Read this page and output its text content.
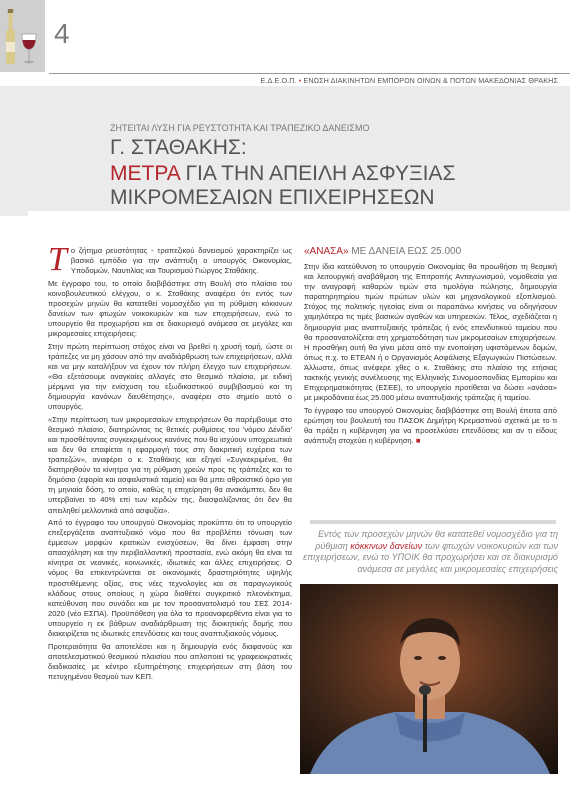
4
Ε.Δ.Ε.Ο.Π. • ΕΝΩΣΗ ΔΙΑΚΙΝΗΤΩΝ ΕΜΠΟΡΩΝ ΟΙΝΩΝ & ΠΟΤΩΝ ΜΑΚΕΔΟΝΙΑΣ ΘΡΑΚΗΣ
ΖΗΤΕΙΤΑΙ ΛΥΣΗ ΓΙΑ ΡΕΥΣΤΟΤΗΤΑ ΚΑΙ ΤΡΑΠΕΖΙΚΟ ΔΑΝΕΙΣΜΟ
Γ. ΣΤΑΘΑΚΗΣ:
ΜΕΤΡΑ ΓΙΑ ΤΗΝ ΑΠΕΙΛΗ ΑΣΦΥΞΙΑΣ
ΜΙΚΡΟΜΕΣΑΙΩΝ ΕΠΙΧΕΙΡΗΣΕΩΝ

Το ζήτημα ρευστότητας - τραπεζικού δανεισμού χαρακτηρίζει ως βασικό εμπόδιο για την ανάπτυξη ο υπουργός Οικονομίας, Υποδομών, Ναυτιλίας και Τουρισμού Γιώργος Σταθάκης.

Με έγγραφο του, το οποίο διαβιβάστηκε στη Βουλή στο πλαίσιο του κοινοβουλευτικού ελέγχου, ο κ. Σταθάκης αναφέρει ότι εντός των προσεχών μηνών θα κατατεθεί νομοσχέδιο για τη ρύθμιση κόκκινων δανείων των φτωχών νοικοκυριών και των επιχειρήσεων, ενώ το υπουργείο θα προχωρήσει και σε διακυρισμό ανάμεσα σε μεγάλες και μικρομεσαίες επιχειρήσεις:

Στην πρώτη περίπτωση στόχος είναι να βρεθεί η χρυσή τομή, ώστε οι τράπεζες να μη χάσουν από την αναδιάρθρωση των επιχειρήσεων, αλλά και να μην καταλήξουν να έχουν τον πλήρη έλεγχο των επιχειρήσεων. «Θα εξετάσουμε αναγκαίες αλλαγές στο θεσμικό πλαίσιο, με ειδική μέριμνα για την ενίσχυση του εξωδικαστικού συμβιβασμού και τη δημιουργία κανόνων διευθέτησης», αναφέρει στο σημείο αυτό ο υπουργός.

«Στην περίπτωση των μικρομεσαίων επιχειρήσεων θα παρέμβουμε στο θεσμικό πλαίσιο, διατηρώντας τις θετικές ρυθμίσεις του 'νόμου Δένδια' και προσθέτοντας συγκεκριμένους κανόνες που θα ισχύουν υποχρεωτικά και δεν θα επαφίεται η εφαρμογή τους στη διακριτική ευχέρεια των τραπεζών», αναφέρει ο κ. Σταθάκης και εξηγεί «Συγκεκριμένα, θα διατηρηθούν τα κίνητρα για τη ρύθμιση χρεών προς τις τράπεζες και το δημόσιο (εφορία και ασφαλιστικά ταμεία) και θα μπει αθροιστικό όριο για τη μηνιαία δόση, το οποίο, καθώς η επιχείρηση θα ανακάμπτει, δεν θα υπερβαίνει το 40% επί των κερδών της, διασφαλίζοντας ότι δεν θα απειληθεί μελλοντικά από ασφυξία».

Από το έγγραφο του υπουργού Οικονομίας προκύπτει ότι το υπουργείο επεξεργάζεται αναπτυξιακό νόμο που θα προβλέπει τόνωση των έμμεσων μορφών κρατικών ενισχύσεων, θα δίνει έμφαση στην απασχόληση και την περιβαλλοντική προστασία, ενώ ακόμη θα είναι τα κίνητρα σε νεανικές, κοινωνικές, ιδιωτικές και άλλες επιχειρήσεις. Ο νόμος θα επικεντρώνεται σε οικονομικές δραστηριότητες υψηλής προστιθέμενης αξίας, στις νέες τεχνολογίες και σε παραγωγικούς κλάδους στους οποίους η χώρα διαθέτει συγκριτικό πλεονέκτημα, κατεύθυνση που συνάδει και με τον προσανατολισμό του ΣΕΣ 2014-2020 (νέο ΕΣΠΑ). Προϋπόθεση για όλα τα προαναφερθέντα είναι για το υπουργείο η εκ βάθρων αναδιάρθρωση της διοικητικής δομής που διακειρίζεται τις ιδιωτικές επενδύσεις και τους αναπτυξιακούς νόμους.

Προτεραιότητα θα αποτελέσει και η δημιουργία ενός διαφανούς και αποτελεσματικού θεσμικού πλαισίου που απλοποιεί τις γραφειοκρατικές διαδικασίες με κέντρο εξυπηρέτησης επιχειρήσεων στη βάση του πετυχημένου θεσμού των ΚΕΠ.

«ΑΝΑΣΑ» ΜΕ ΔΑΝΕΙΑ ΕΩΣ 25.000

Στην ίδια κατεύθυνση το υπουργείο Οικονομίας θα προωθήσει τη θεσμική και λειτουργική αναβάθμιση της Επιτροπής Ανταγωνισμού, νομοθεσία για την αναγραφή καθαρών τιμών στα τιμολόγια πώλησης, δημιουργία παρατηρητηρίου τιμών πρώτων υλών και μηχανολογικού εξοπλισμού. Στόχος της πολιτικής ηγεσίας είναι οι παραπάνω κινήσεις να οδηγήσουν χαμηλότερα τις τιμές βασικών αγαθών και υπηρεσιών. Τέλος, σχεδιάζεται η δημιουργία μιας αναπτυξιακής τράπεζας ή ενός επενδυτικού ταμείου που θα προσανατολίζεται στη χρηματοδότηση των μικρομεσαίων επιχειρήσεων. Η προσθήκη αυτή θα γίνει μέσα από την ενοποίηση υφιστάμενων δομών, όπως π.χ. το ΕΤΕΑΝ ή ο Οργανισμός Ασφάλισης Εξαγωγικών Πιστώσεων. Άλλωστε, όπως ανέφερε χθες ο κ. Σταθάκης στο πλαίσιο της ετήσιας τακτικής γενικής συνέλευσης της Ελληνικής Συνομοσπονδίας Εμπορίου και Επιχειρηματικότητας (ΕΣΕΕ), το υπουργείο προτίθεται να δώσει «ανάσα» με μικροδάνεια έως 25.000 μέσω αναπτυξιακής τράπεζας ή ταμείου.

Το έγγραφο του υπουργού Οικονομίας διαβιβάστηκε στη Βουλή έπειτα από ερώτηση του βουλευτή του ΠΑΣΟΚ Δημήτρη Κρεμαστινού σχετικά με το τι θα πράξει η κυβέρνηση για να προσελκύσει επενδύσεις και αν τι είδους ανάπτυξη στοχεύει η κυβέρνηση. ■

Εντός των προσεχών μηνών θα κατατεθεί νομοσχέδιο για τη ρύθμιση κόκκινων δανείων των φτωχών νοικοκυριών και των επιχειρήσεων, ενώ το ΥΠΟΙΚ θα προχωρήσει και σε διακυρισμό ανάμεσα σε μεγάλες και μικρομεσαίες επιχειρήσεις
